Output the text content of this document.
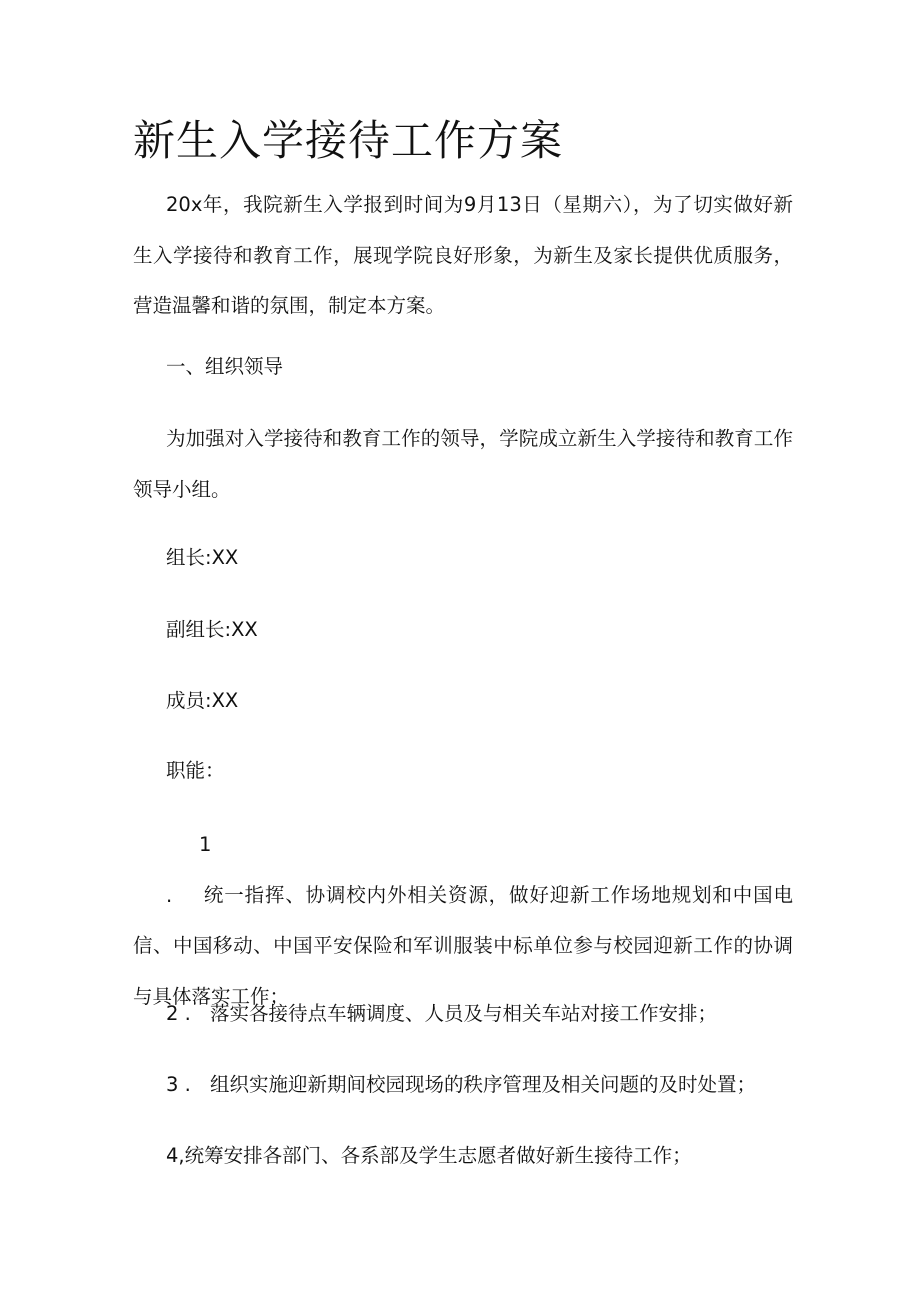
新生入学接待工作方案

20x年，我院新生入学报到时间为9月13日（星期六），为了切实做好新生入学接待和教育工作，展现学院良好形象，为新生及家长提供优质服务，营造温馨和谐的氛围，制定本方案。

一、组织领导

为加强对入学接待和教育工作的领导，学院成立新生入学接待和教育工作领导小组。

组长:XX

副组长:XX

成员:XX

职能：

1 . 统一指挥、协调校内外相关资源，做好迎新工作场地规划和中国电信、中国移动、中国平安保险和军训服装中标单位参与校园迎新工作的协调与具体落实工作；

2 . 落实各接待点车辆调度、人员及与相关车站对接工作安排；

3 . 组织实施迎新期间校园现场的秩序管理及相关问题的及时处置；

4,统筹安排各部门、各系部及学生志愿者做好新生接待工作；
